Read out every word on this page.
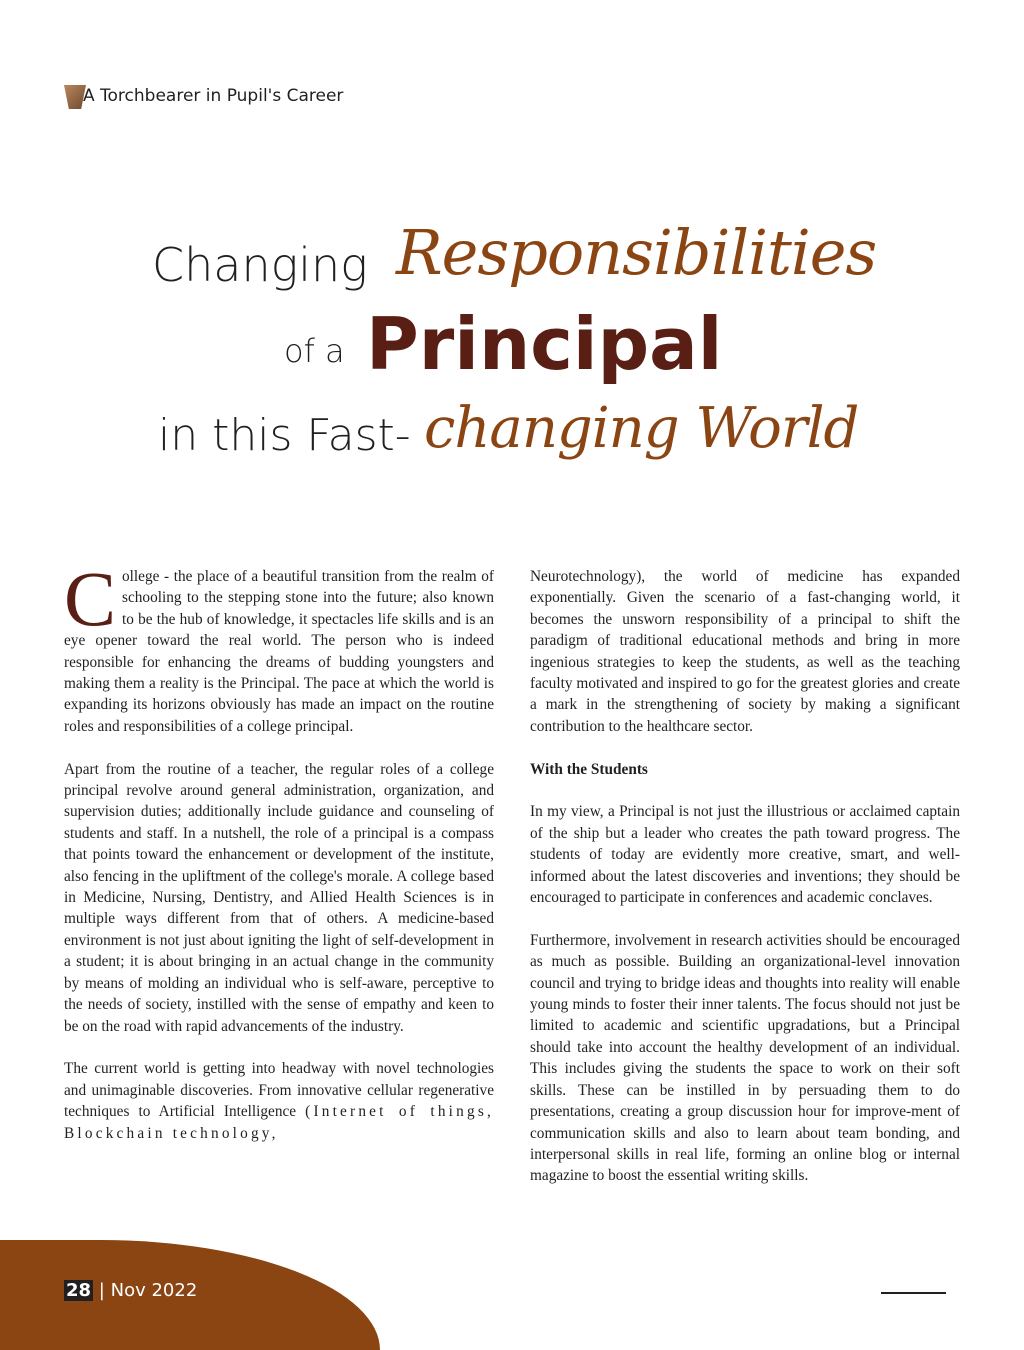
A Torchbearer in Pupil's Career
Changing Responsibilities
of a Principal
in this Fast- changing World

College - the place of a beautiful transition from the realm of schooling to the stepping stone into the future; also known to be the hub of knowledge, it spectacles life skills and is an eye opener toward the real world. The person who is indeed responsible for enhancing the dreams of budding youngsters and making them a reality is the Principal. The pace at which the world is expanding its horizons obviously has made an impact on the routine roles and responsibilities of a college principal.

Apart from the routine of a teacher, the regular roles of a college principal revolve around general administration, organization, and supervision duties; additionally include guidance and counseling of students and staff. In a nutshell, the role of a principal is a compass that points toward the enhancement or development of the institute, also fencing in the upliftment of the college's morale. A college based in Medicine, Nursing, Dentistry, and Allied Health Sciences is in multiple ways different from that of others. A medicine-based environment is not just about igniting the light of self-development in a student; it is about bringing in an actual change in the community by means of molding an individual who is self-aware, perceptive to the needs of society, instilled with the sense of empathy and keen to be on the road with rapid advancements of the industry.

The current world is getting into headway with novel technologies and unimaginable discoveries. From innovative cellular regenerative techniques to Artificial Intelligence (Internet of things, Blockchain technology,

Neurotechnology), the world of medicine has expanded exponentially. Given the scenario of a fast-changing world, it becomes the unsworn responsibility of a principal to shift the paradigm of traditional educational methods and bring in more ingenious strategies to keep the students, as well as the teaching faculty motivated and inspired to go for the greatest glories and create a mark in the strengthening of society by making a significant contribution to the healthcare sector.

With the Students

In my view, a Principal is not just the illustrious or acclaimed captain of the ship but a leader who creates the path toward progress. The students of today are evidently more creative, smart, and well-informed about the latest discoveries and inventions; they should be encouraged to participate in conferences and academic conclaves.

Furthermore, involvement in research activities should be encouraged as much as possible. Building an organizational-level innovation council and trying to bridge ideas and thoughts into reality will enable young minds to foster their inner talents. The focus should not just be limited to academic and scientific upgradations, but a Principal should take into account the healthy development of an individual. This includes giving the students the space to work on their soft skills. These can be instilled in by persuading them to do presentations, creating a group discussion hour for improve-ment of communication skills and also to learn about team bonding, and interpersonal skills in real life, forming an online blog or internal magazine to boost the essential writing skills.

28 | Nov 2022
